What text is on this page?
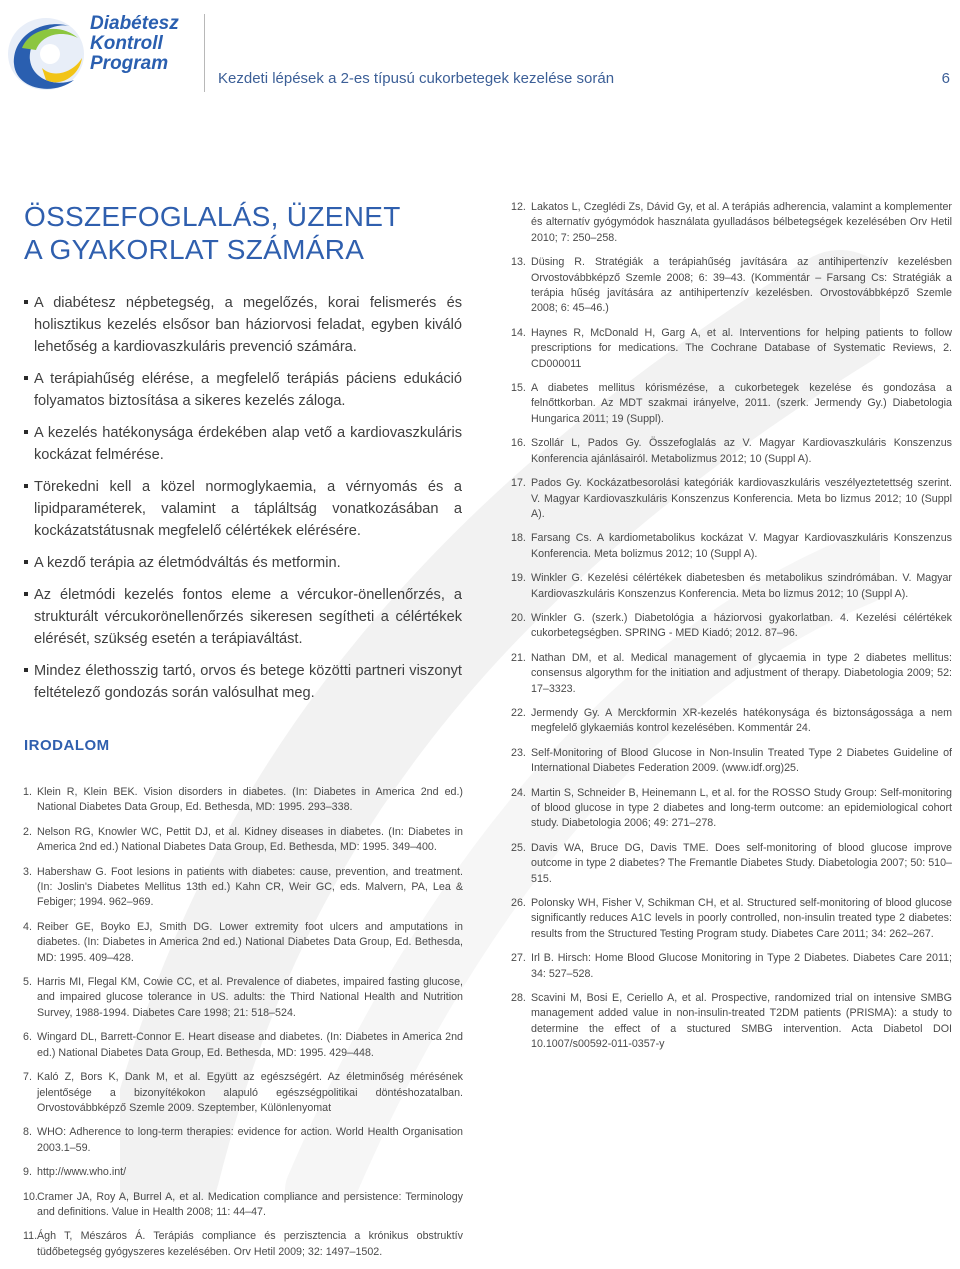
Diabétesz
Kontroll
Program
Kezdeti lépések a 2-es típusú cukorbetegek kezelése során	6
ÖSSZEFOGLALÁS, ÜZENET
A GYAKORLAT SZÁMÁRA
A diabétesz népbetegség, a megelőzés, korai felismerés és holisztikus kezelés elsősor ban háziorvosi feladat, egyben kiváló lehetőség a kardiovaszkuláris prevenció számára.
A terápiahűség elérése, a megfelelő terápiás páciens edukáció folyamatos biztosítása a sikeres kezelés záloga.
A kezelés hatékonysága érdekében alap vető a kardiovaszkuláris kockázat felmérése.
Törekedni kell a közel normoglykaemia, a vérnyomás és a lipidparaméterek, valamint a tápláltság vonatkozásában a kockázatstátusnak megfelelő célértékek elérésére.
A kezdő terápia az életmódváltás és metformin.
Az életmódi kezelés fontos eleme a vércukor-önellenőrzés, a strukturált vércukorönellenőrzés sikeresen segítheti a célértékek elérését, szükség esetén a terápiaváltást.
Mindez élethosszig tartó, orvos és betege közötti partneri viszonyt feltételező gondozás során valósulhat meg.
IRODALOM
1. Klein R, Klein BEK. Vision disorders in diabetes. (In: Diabetes in America 2nd ed.) National Diabetes Data Group, Ed. Bethesda, MD: 1995. 293–338.
2. Nelson RG, Knowler WC, Pettit DJ, et al. Kidney diseases in diabetes. (In: Diabetes in America 2nd ed.) National Diabetes Data Group, Ed. Bethesda, MD: 1995. 349–400.
3. Habershaw G. Foot lesions in patients with diabetes: cause, prevention, and treatment. (In: Joslin's Diabetes Mellitus 13th ed.) Kahn CR, Weir GC, eds. Malvern, PA, Lea & Febiger; 1994. 962–969.
4. Reiber GE, Boyko EJ, Smith DG. Lower extremity foot ulcers and amputations in diabetes. (In: Diabetes in America 2nd ed.) National Diabetes Data Group, Ed. Bethesda, MD: 1995. 409–428.
5. Harris MI, Flegal KM, Cowie CC, et al. Prevalence of diabetes, impaired fasting glucose, and impaired glucose tolerance in US. adults: the Third National Health and Nutrition Survey, 1988-1994. Diabetes Care 1998; 21: 518–524.
6. Wingard DL, Barrett-Connor E. Heart disease and diabetes. (In: Diabetes in America 2nd ed.) National Diabetes Data Group, Ed. Bethesda, MD: 1995. 429–448.
7. Kaló Z, Bors K, Dank M, et al. Együtt az egészségért. Az életminőség mérésének jelentősége a bizonyítékokon alapuló egészségpolitikai döntéshozatalban. Orvostovábbképző Szemle 2009. Szeptember, Különlenyomat
8. WHO: Adherence to long-term therapies: evidence for action. World Health Organisation 2003.1–59.
9. http://www.who.int/
10. Cramer JA, Roy A, Burrel A, et al. Medication compliance and persistence: Terminology and definitions. Value in Health 2008; 11: 44–47.
11. Ágh T, Mészáros Á. Terápiás compliance és perzisztencia a krónikus obstruktív tüdőbetegség gyógyszeres kezelésében. Orv Hetil 2009; 32: 1497–1502.
12. Lakatos L, Czeglédi Zs, Dávid Gy, et al. A terápiás adherencia, valamint a komplementer és alternatív gyógymódok használata gyulladásos bélbetegségek kezelésében Orv Hetil 2010; 7: 250–258.
13. Düsing R. Stratégiák a terápiahűség javítására az antihipertenzív kezelésben Orvostovábbképző Szemle 2008; 6: 39–43. (Kommentár – Farsang Cs: Stratégiák a terápia hűség javítására az antihipertenzív kezelésben. Orvostovábbképző Szemle 2008; 6: 45–46.)
14. Haynes R, McDonald H, Garg A, et al. Interventions for helping patients to follow prescriptions for medications. The Cochrane Database of Systematic Reviews, 2. CD000011
15. A diabetes mellitus kórismézése, a cukorbetegek kezelése és gondozása a felnőttkorban. Az MDT szakmai irányelve, 2011. (szerk. Jermendy Gy.) Diabetologia Hungarica 2011; 19 (Suppl).
16. Szollár L, Pados Gy. Összefoglalás az V. Magyar Kardiovaszkuláris Konszenzus Konferencia ajánlásairól. Metabolizmus 2012; 10 (Suppl A).
17. Pados Gy. Kockázatbesorolási kategóriák kardiovaszkuláris veszélyeztetettség szerint. V. Magyar Kardiovaszkuláris Konszenzus Konferencia. Meta bo lizmus 2012; 10 (Suppl A).
18. Farsang Cs. A kardiometabolikus kockázat V. Magyar Kardiovaszkuláris Konszenzus Konferencia. Meta bolizmus 2012; 10 (Suppl A).
19. Winkler G. Kezelési célértékek diabetesben és metabolikus szindrómában. V. Magyar Kardiovaszkuláris Konszenzus Konferencia. Meta bo lizmus 2012; 10 (Suppl A).
20. Winkler G. (szerk.) Diabetológia a háziorvosi gyakorlatban. 4. Kezelési célértékek cukorbetegségben. SPRING - MED Kiadó; 2012. 87–96.
21. Nathan DM, et al. Medical management of glycaemia in type 2 diabetes mellitus: consensus algorythm for the initiation and adjustment of therapy. Diabetologia 2009; 52: 17–3323.
22. Jermendy Gy. A Merckformin XR-kezelés hatékonysága és biztonságossága a nem megfelelő glykaemiás kontrol kezelésében. Kommentár 24.
23. Self-Monitoring of Blood Glucose in Non-Insulin Treated Type 2 Diabetes Guideline of International Diabetes Federation 2009. (www.idf.org)25.
24. Martin S, Schneider B, Heinemann L, et al. for the ROSSO Study Group: Self-monitoring of blood glucose in type 2 diabetes and long-term outcome: an epidemiological cohort study. Diabetologia 2006; 49: 271–278.
25. Davis WA, Bruce DG, Davis TME. Does self-monitoring of blood glucose improve outcome in type 2 diabetes? The Fremantle Diabetes Study. Diabetologia 2007; 50: 510–515.
26. Polonsky WH, Fisher V, Schikman CH, et al. Structured self-monitoring of blood glucose significantly reduces A1C levels in poorly controlled, non-insulin treated type 2 diabetes: results from the Structured Testing Program study. Diabetes Care 2011; 34: 262–267.
27. Irl B. Hirsch: Home Blood Glucose Monitoring in Type 2 Diabetes. Diabetes Care 2011; 34: 527–528.
28. Scavini M, Bosi E, Ceriello A, et al. Prospective, randomized trial on intensive SMBG management added value in non-insulin-treated T2DM patients (PRISMA): a study to determine the effect of a stuctured SMBG intervention. Acta Diabetol DOI 10.1007/s00592-011-0357-y
